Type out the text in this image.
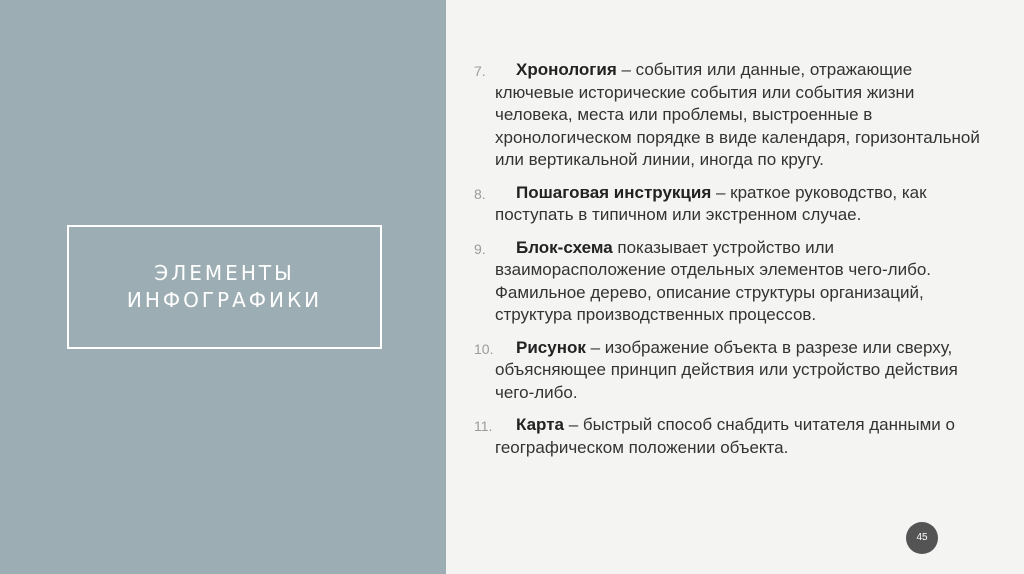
ЭЛЕМЕНТЫ
ИНФОГРАФИКИ
7. Хронология – события или данные, отражающие ключевые исторические события или события жизни человека, места или проблемы, выстроенные в хронологическом порядке в виде календаря, горизонтальной или вертикальной линии, иногда по кругу.
8. Пошаговая инструкция – краткое руководство, как поступать в типичном или экстренном случае.
9. Блок-схема показывает устройство или взаиморасположение отдельных элементов чего-либо. Фамильное дерево, описание структуры организаций, структура производственных процессов.
10. Рисунок – изображение объекта в разрезе или сверху, объясняющее принцип действия или устройство действия чего-либо.
11. Карта – быстрый способ снабдить читателя данными о географическом положении объекта.
45
